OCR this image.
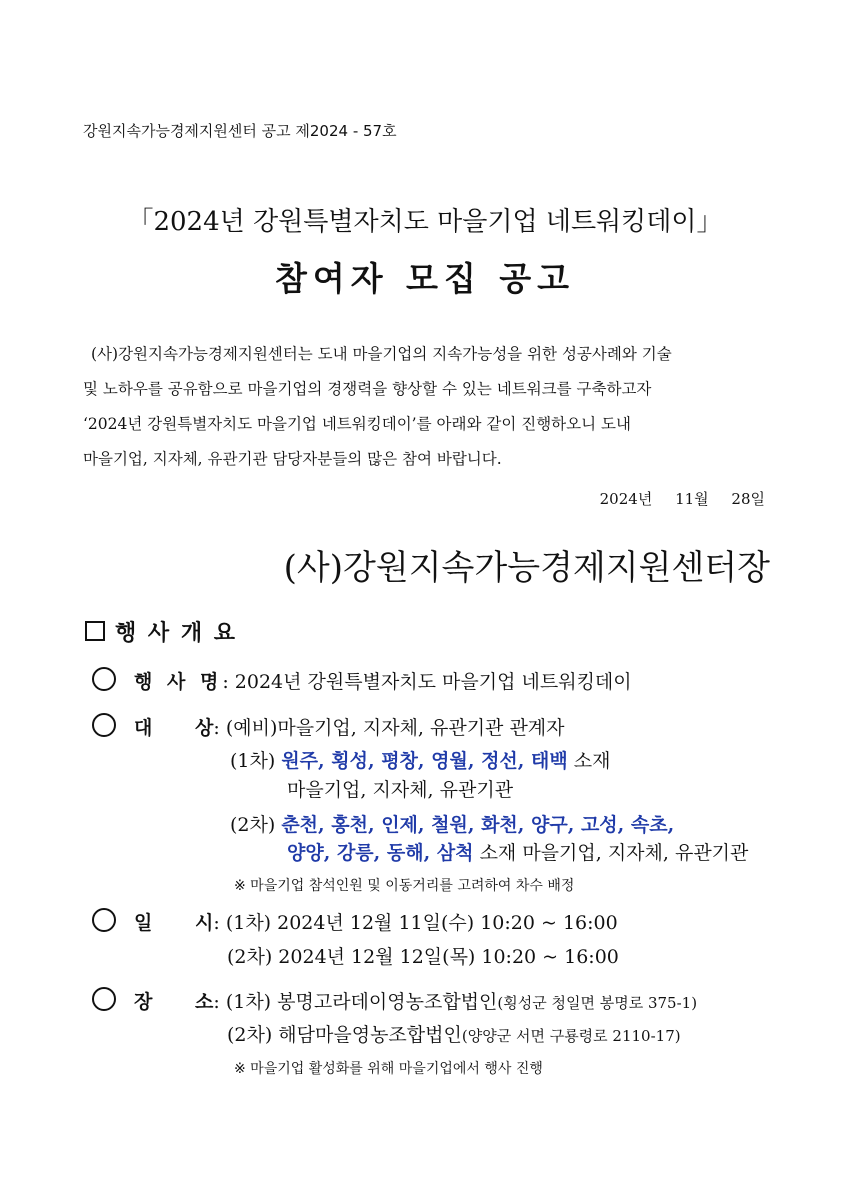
강원지속가능경제지원센터 공고 제2024 - 57호
「2024년 강원특별자치도 마을기업 네트워킹데이」
참여자 모집 공고

(사)강원지속가능경제지원센터는 도내 마을기업의 지속가능성을 위한 성공사례와 기술

및 노하우를 공유함으로 마을기업의 경쟁력을 향상할 수 있는 네트워크를 구축하고자

‘2024년 강원특별자치도 마을기업 네트워킹데이’를 아래와 같이 진행하오니 도내

마을기업, 지자체, 유관기관 담당자분들의 많은 참여 바랍니다.

2024년 11월 28일
(사)강원지속가능경제지원센터장
행 사 개 요
행 사 명: 2024년 강원특별자치도 마을기업 네트워킹데이
대 상: (예비)마을기업, 지자체, 유관기관 관계자
(1차) 원주, 횡성, 평창, 영월, 정선, 태백 소재
마을기업, 지자체, 유관기관
(2차) 춘천, 홍천, 인제, 철원, 화천, 양구, 고성, 속초,
양양, 강릉, 동해, 삼척 소재 마을기업, 지자체, 유관기관
※ 마을기업 참석인원 및 이동거리를 고려하여 차수 배정
일 시: (1차) 2024년 12월 11일(수) 10:20 ~ 16:00
(2차) 2024년 12월 12일(목) 10:20 ~ 16:00
장 소: (1차) 봉명고라데이영농조합법인(횡성군 청일면 봉명로 375-1)
(2차) 해담마을영농조합법인(양양군 서면 구룡령로 2110-17)
※ 마을기업 활성화를 위해 마을기업에서 행사 진행
